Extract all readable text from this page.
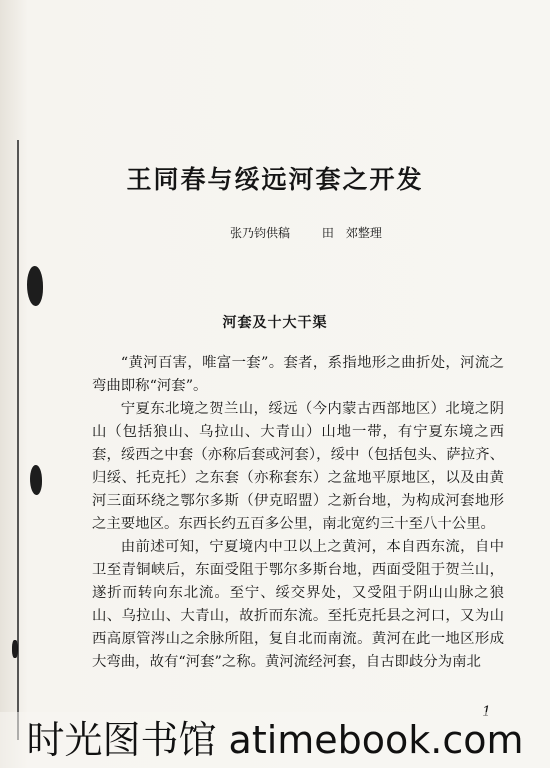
王同春与绥远河套之开发
张乃钧供稿	田　郊整理
河套及十大干渠

“黄河百害，唯富一套”。套者，系指地形之曲折处，河流之弯曲即称“河套”。

宁夏东北境之贺兰山，绥远（今内蒙古西部地区）北境之阴山（包括狼山、乌拉山、大青山）山地一带，有宁夏东境之西套，绥西之中套（亦称后套或河套），绥中（包括包头、萨拉齐、归绥、托克托）之东套（亦称套东）之盆地平原地区，以及由黄河三面环绕之鄂尔多斯（伊克昭盟）之新台地，为构成河套地形之主要地区。东西长约五百多公里，南北宽约三十至八十公里。

由前述可知，宁夏境内中卫以上之黄河，本自西东流，自中卫至青铜峡后，东面受阻于鄂尔多斯台地，西面受阻于贺兰山，遂折而转向东北流。至宁、绥交界处，又受阻于阴山山脉之狼山、乌拉山、大青山，故折而东流。至托克托县之河口，又为山西高原管涔山之余脉所阻，复自北而南流。黄河在此一地区形成大弯曲，故有“河套”之称。黄河流经河套，自古即歧分为南北

时光图书馆 atimebook.com
